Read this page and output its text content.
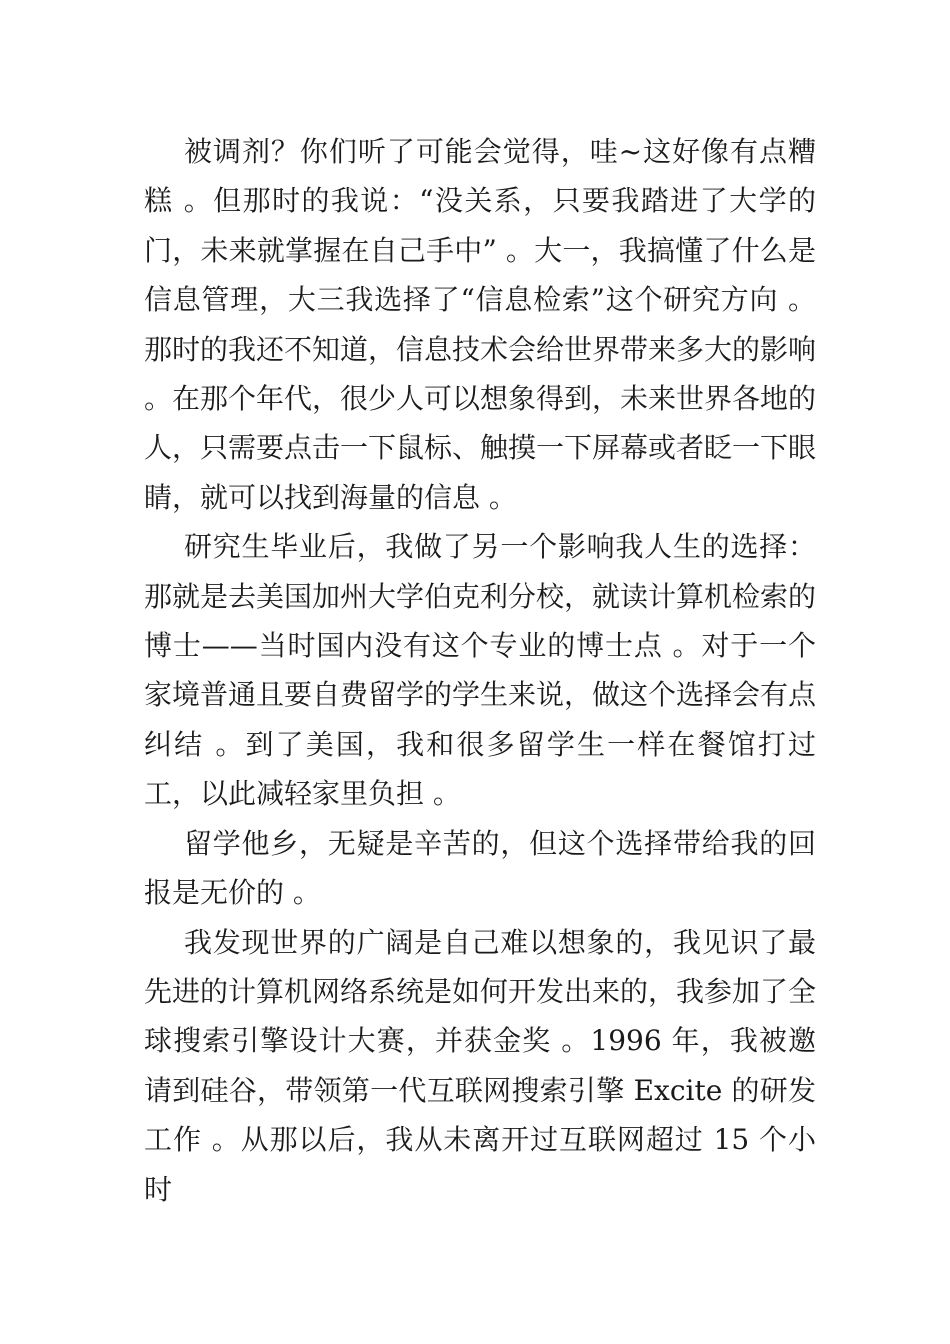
被调剂？你们听了可能会觉得，哇~这好像有点糟糕 。但那时的我说：“没关系，只要我踏进了大学的门，未来就掌握在自己手中” 。大一，我搞懂了什么是信息管理，大三我选择了“信息检索”这个研究方向 。那时的我还不知道，信息技术会给世界带来多大的影响 。在那个年代，很少人可以想象得到，未来世界各地的人，只需要点击一下鼠标、触摸一下屏幕或者眨一下眼睛，就可以找到海量的信息 。

研究生毕业后，我做了另一个影响我人生的选择：那就是去美国加州大学伯克利分校，就读计算机检索的博士——当时国内没有这个专业的博士点 。对于一个家境普通且要自费留学的学生来说，做这个选择会有点纠结 。到了美国，我和很多留学生一样在餐馆打过工，以此减轻家里负担 。

留学他乡，无疑是辛苦的，但这个选择带给我的回报是无价的 。

我发现世界的广阔是自己难以想象的，我见识了最先进的计算机网络系统是如何开发出来的，我参加了全球搜索引擎设计大赛，并获金奖 。1996 年，我被邀请到硅谷，带领第一代互联网搜索引擎 Excite 的研发工作 。从那以后，我从未离开过互联网超过 15 个小时
